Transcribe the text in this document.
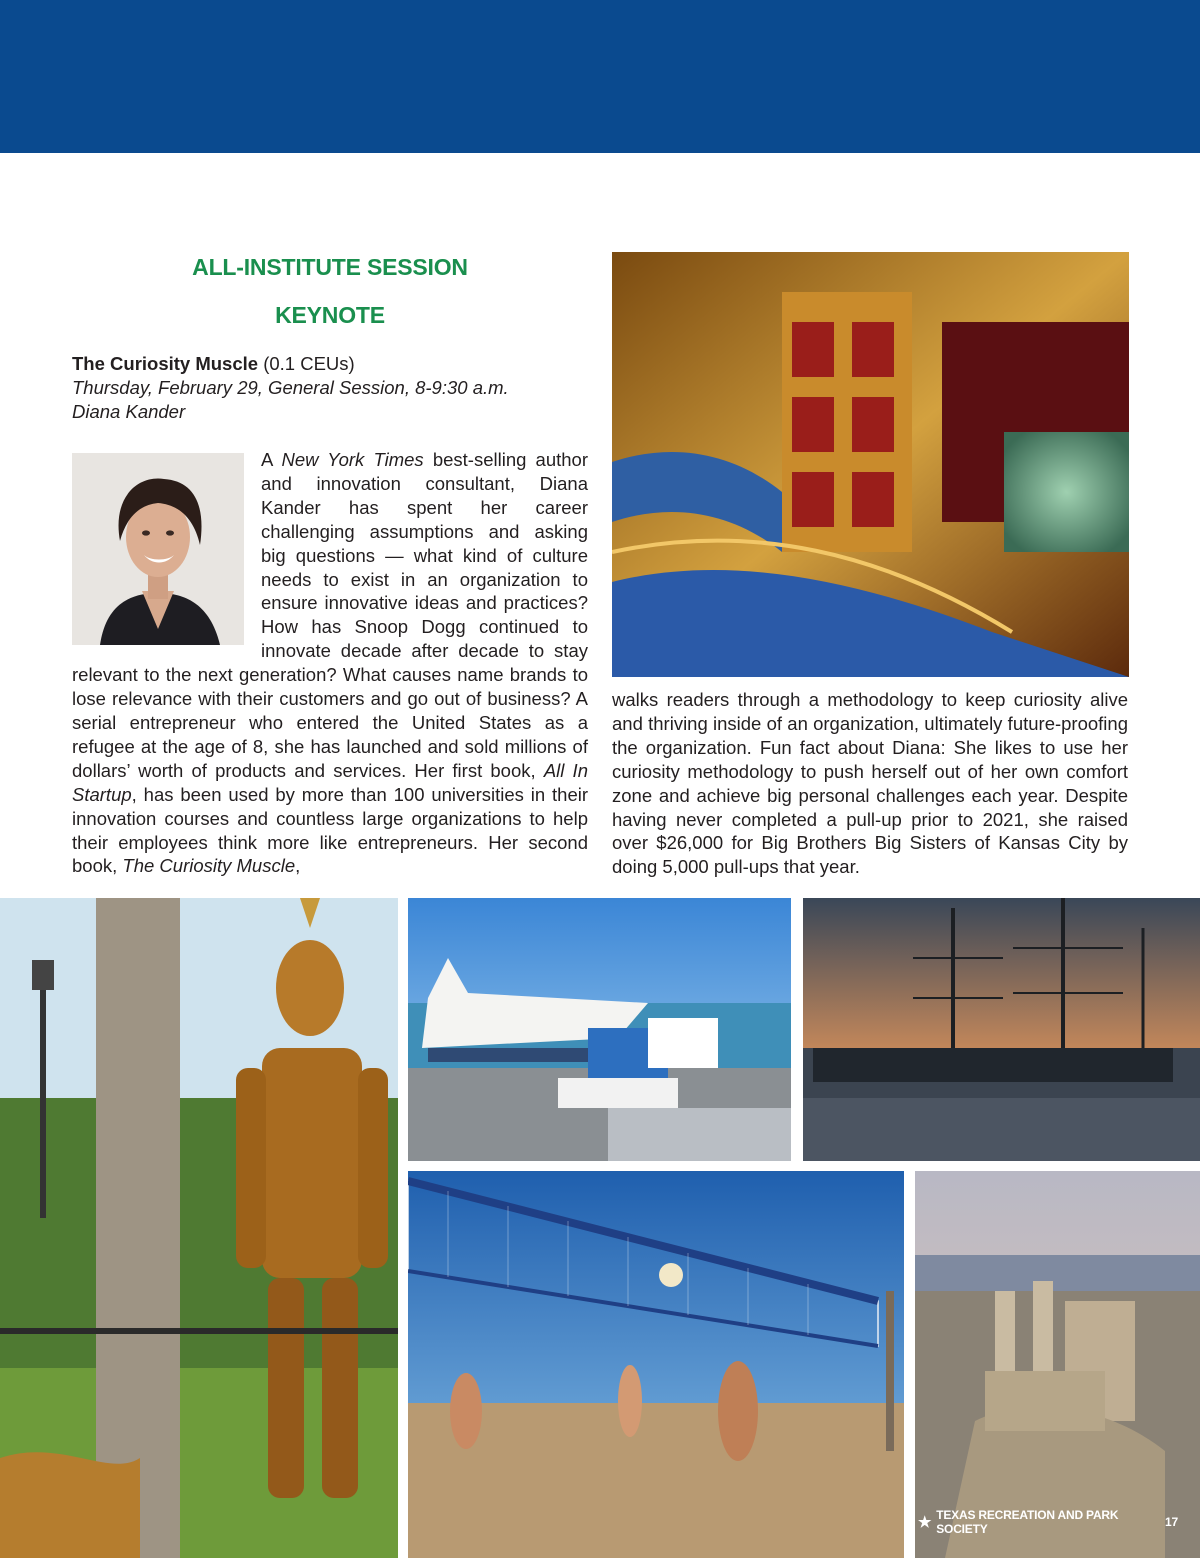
ALL-INSTITUTE SESSION
KEYNOTE
The Curiosity Muscle (0.1 CEUs)
Thursday, February 29, General Session, 8-9:30 a.m.
Diana Kander

A New York Times best-selling author and innovation consultant, Diana Kander has spent her career challenging assumptions and asking big questions — what kind of culture needs to exist in an organization to ensure innovative ideas and practices? How has Snoop Dogg continued to innovate decade after decade to stay relevant to the next generation? What causes name brands to lose relevance with their customers and go out of business? A serial entrepreneur who entered the United States as a refugee at the age of 8, she has launched and sold millions of dollars’ worth of products and services. Her first book, All In Startup, has been used by more than 100 universities in their innovation courses and countless large organizations to help their employees think more like entrepreneurs. Her second book, The Curiosity Muscle,

walks readers through a methodology to keep curiosity alive and thriving inside of an organization, ultimately future-proofing the organization. Fun fact about Diana: She likes to use her curiosity methodology to push herself out of her own comfort zone and achieve big personal challenges each year. Despite having never completed a pull-up prior to 2021, she raised over $26,000 for Big Brothers Big Sisters of Kansas City by doing 5,000 pull-ups that year.

★ TEXAS RECREATION AND PARK SOCIETY	17
